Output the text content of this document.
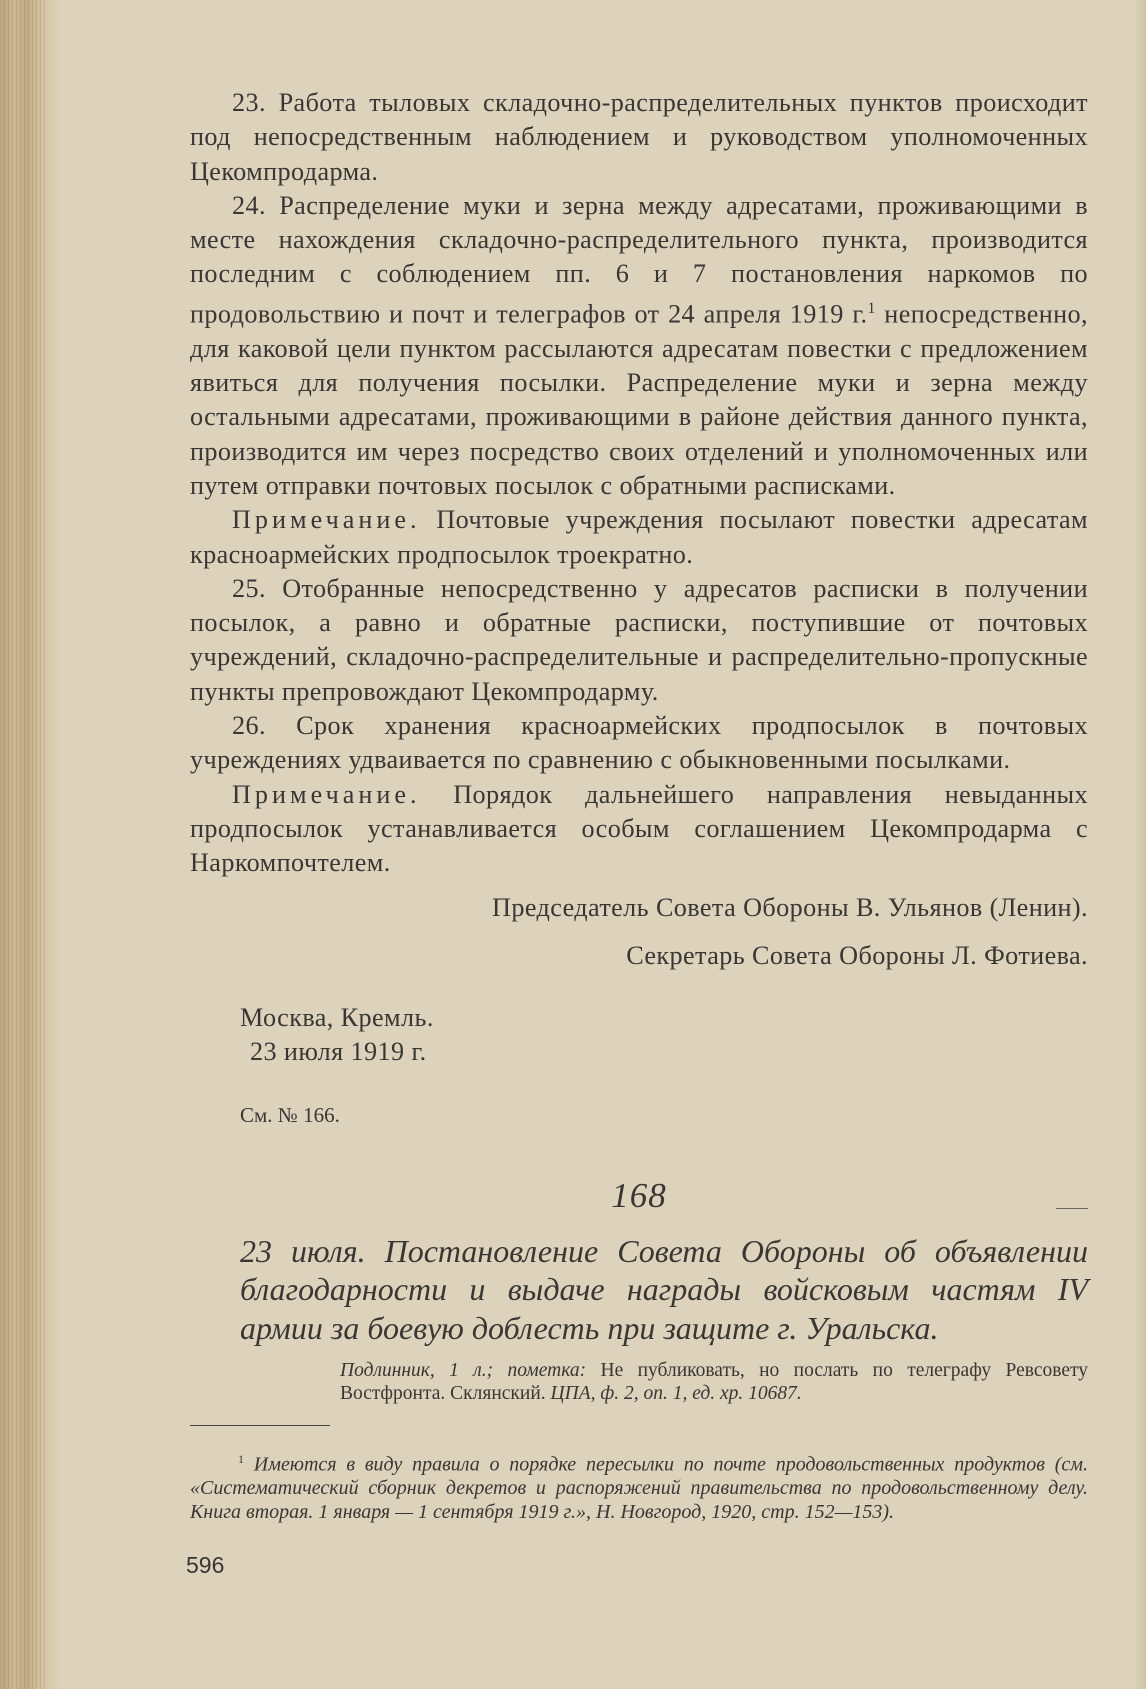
23. Работа тыловых складочно-распределительных пунктов происходит под непосредственным наблюдением и руководством уполномоченных Цекомпродарма.

24. Распределение муки и зерна между адресатами, проживающими в месте нахождения складочно-распределительного пункта, производится последним с соблюдением пп. 6 и 7 постановления наркомов по продовольствию и почт и телеграфов от 24 апреля 1919 г.$^1$ непосредственно, для каковой цели пунктом рассылаются адресатам повестки с предложением явиться для получения посылки. Распределение муки и зерна между остальными адресатами, проживающими в районе действия данного пункта, производится им через посредство своих отделений и уполномоченных или путем отправки почтовых посылок с обратными расписками.

Примечание. Почтовые учреждения посылают повестки адресатам красноармейских продпосылок троекратно.

25. Отобранные непосредственно у адресатов расписки в получении посылок, а равно и обратные расписки, поступившие от почтовых учреждений, складочно-распределительные и распределительно-пропускные пункты препровождают Цекомпродарму.

26. Срок хранения красноармейских продпосылок в почтовых учреждениях удваивается по сравнению с обыкновенными посылками.

Примечание. Порядок дальнейшего направления невыданных продпосылок устанавливается особым соглашением Цекомпродарма с Наркомпочтелем.

Председатель Совета Обороны В. Ульянов (Ленин).

Секретарь Совета Обороны Л. Фотиева.

Москва, Кремль.

23 июля 1919 г.

См. № 166.

168

23 июля. Постановление Совета Обороны об объявлении благодарности и выдаче награды войсковым частям IV армии за боевую доблесть при защите г. Уральска.

Подлинник, 1 л.; пометка: Не публиковать, но послать по телеграфу Ревсовету Востфронта. Склянский. ЦПА, ф. 2, оп. 1, ед. хр. 10687.

$^1$ Имеются в виду правила о порядке пересылки по почте продовольственных продуктов (см. «Систематический сборник декретов и распоряжений правительства по продовольственному делу. Книга вторая. 1 января — 1 сентября 1919 г.», Н. Новгород, 1920, стр. 152—153).

596
